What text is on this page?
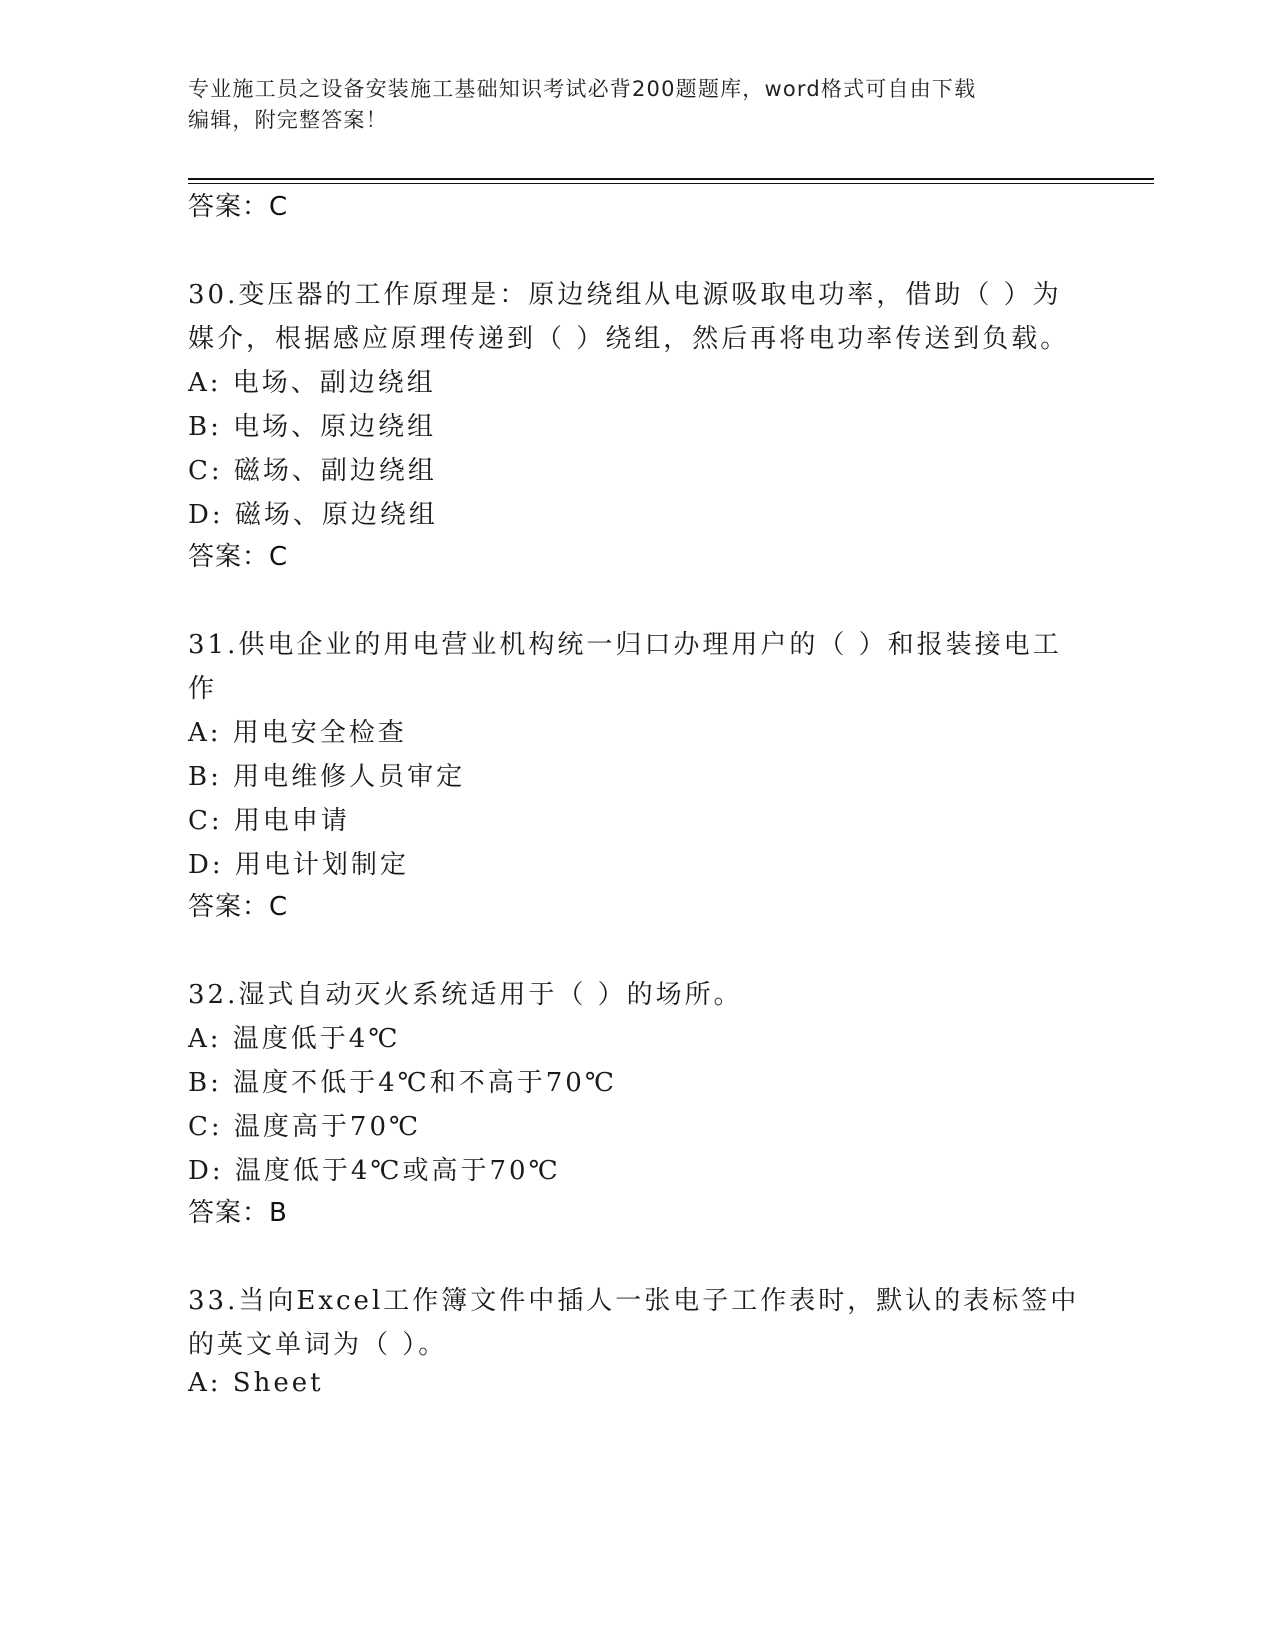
专业施工员之设备安装施工基础知识考试必背200题题库，word格式可自由下载
编辑，附完整答案！
答案：C
30.变压器的工作原理是：原边绕组从电源吸取电功率，借助（ ）为
媒介，根据感应原理传递到（ ）绕组，然后再将电功率传送到负载。
A: 电场、副边绕组
B: 电场、原边绕组
C: 磁场、副边绕组
D: 磁场、原边绕组
答案：C
31.供电企业的用电营业机构统一归口办理用户的（ ）和报装接电工
作
A: 用电安全检查
B: 用电维修人员审定
C: 用电申请
D: 用电计划制定
答案：C
32.湿式自动灭火系统适用于（ ）的场所。
A: 温度低于4℃
B: 温度不低于4℃和不高于70℃
C: 温度高于70℃
D: 温度低于4℃或高于70℃
答案：B
33.当向Excel工作簿文件中插人一张电子工作表时，默认的表标签中
的英文单词为（ ）。
A: Sheet
